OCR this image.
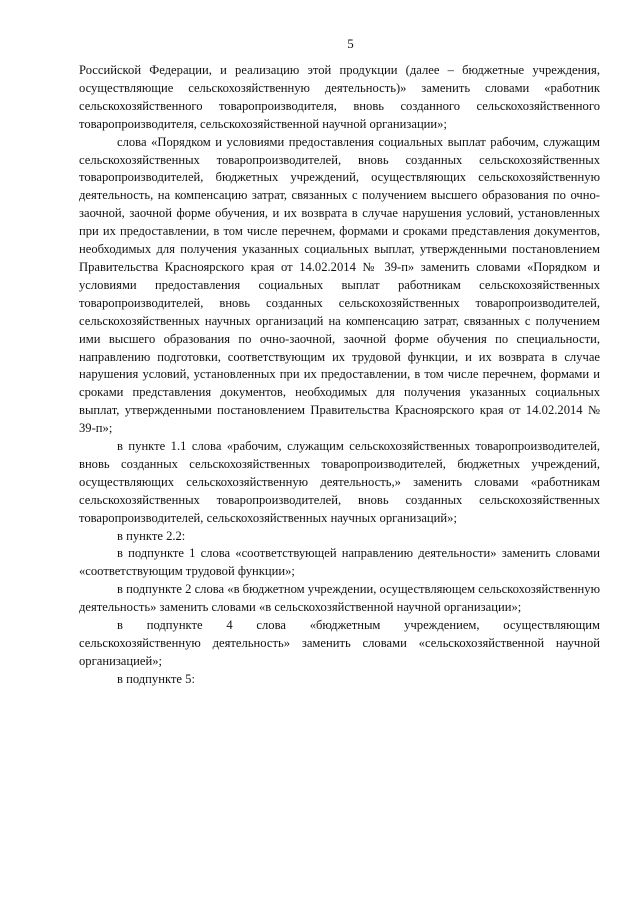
5

Российской Федерации, и реализацию этой продукции (далее – бюджетные учреждения, осуществляющие сельскохозяйственную деятельность)» заменить словами «работник сельскохозяйственного товаропроизводителя, вновь созданного сельскохозяйственного товаропроизводителя, сельскохозяйственной научной организации»;

слова «Порядком и условиями предоставления социальных выплат рабочим, служащим сельскохозяйственных товаропроизводителей, вновь созданных сельскохозяйственных товаропроизводителей, бюджетных учреждений, осуществляющих сельскохозяйственную деятельность, на компенсацию затрат, связанных с получением высшего образования по очно-заочной, заочной форме обучения, и их возврата в случае нарушения условий, установленных при их предоставлении, в том числе перечнем, формами и сроками представления документов, необходимых для получения указанных социальных выплат, утвержденными постановлением Правительства Красноярского края от 14.02.2014 № 39-п» заменить словами «Порядком и условиями предоставления социальных выплат работникам сельскохозяйственных товаропроизводителей, вновь созданных сельскохозяйственных товаропроизводителей, сельскохозяйственных научных организаций на компенсацию затрат, связанных с получением ими высшего образования по очно-заочной, заочной форме обучения по специальности, направлению подготовки, соответствующим их трудовой функции, и их возврата в случае нарушения условий, установленных при их предоставлении, в том числе перечнем, формами и сроками представления документов, необходимых для получения указанных социальных выплат, утвержденными постановлением Правительства Красноярского края от 14.02.2014 № 39-п»;

в пункте 1.1 слова «рабочим, служащим сельскохозяйственных товаропроизводителей, вновь созданных сельскохозяйственных товаропроизводителей, бюджетных учреждений, осуществляющих сельскохозяйственную деятельность,» заменить словами «работникам сельскохозяйственных товаропроизводителей, вновь созданных сельскохозяйственных товаропроизводителей, сельскохозяйственных научных организаций»;

в пункте 2.2:

в подпункте 1 слова «соответствующей направлению деятельности» заменить словами «соответствующим трудовой функции»;

в подпункте 2 слова «в бюджетном учреждении, осуществляющем сельскохозяйственную деятельность» заменить словами «в сельскохозяйственной научной организации»;

в подпункте 4 слова «бюджетным учреждением, осуществляющим сельскохозяйственную деятельность» заменить словами «сельскохозяйственной научной организацией»;

в подпункте 5:
